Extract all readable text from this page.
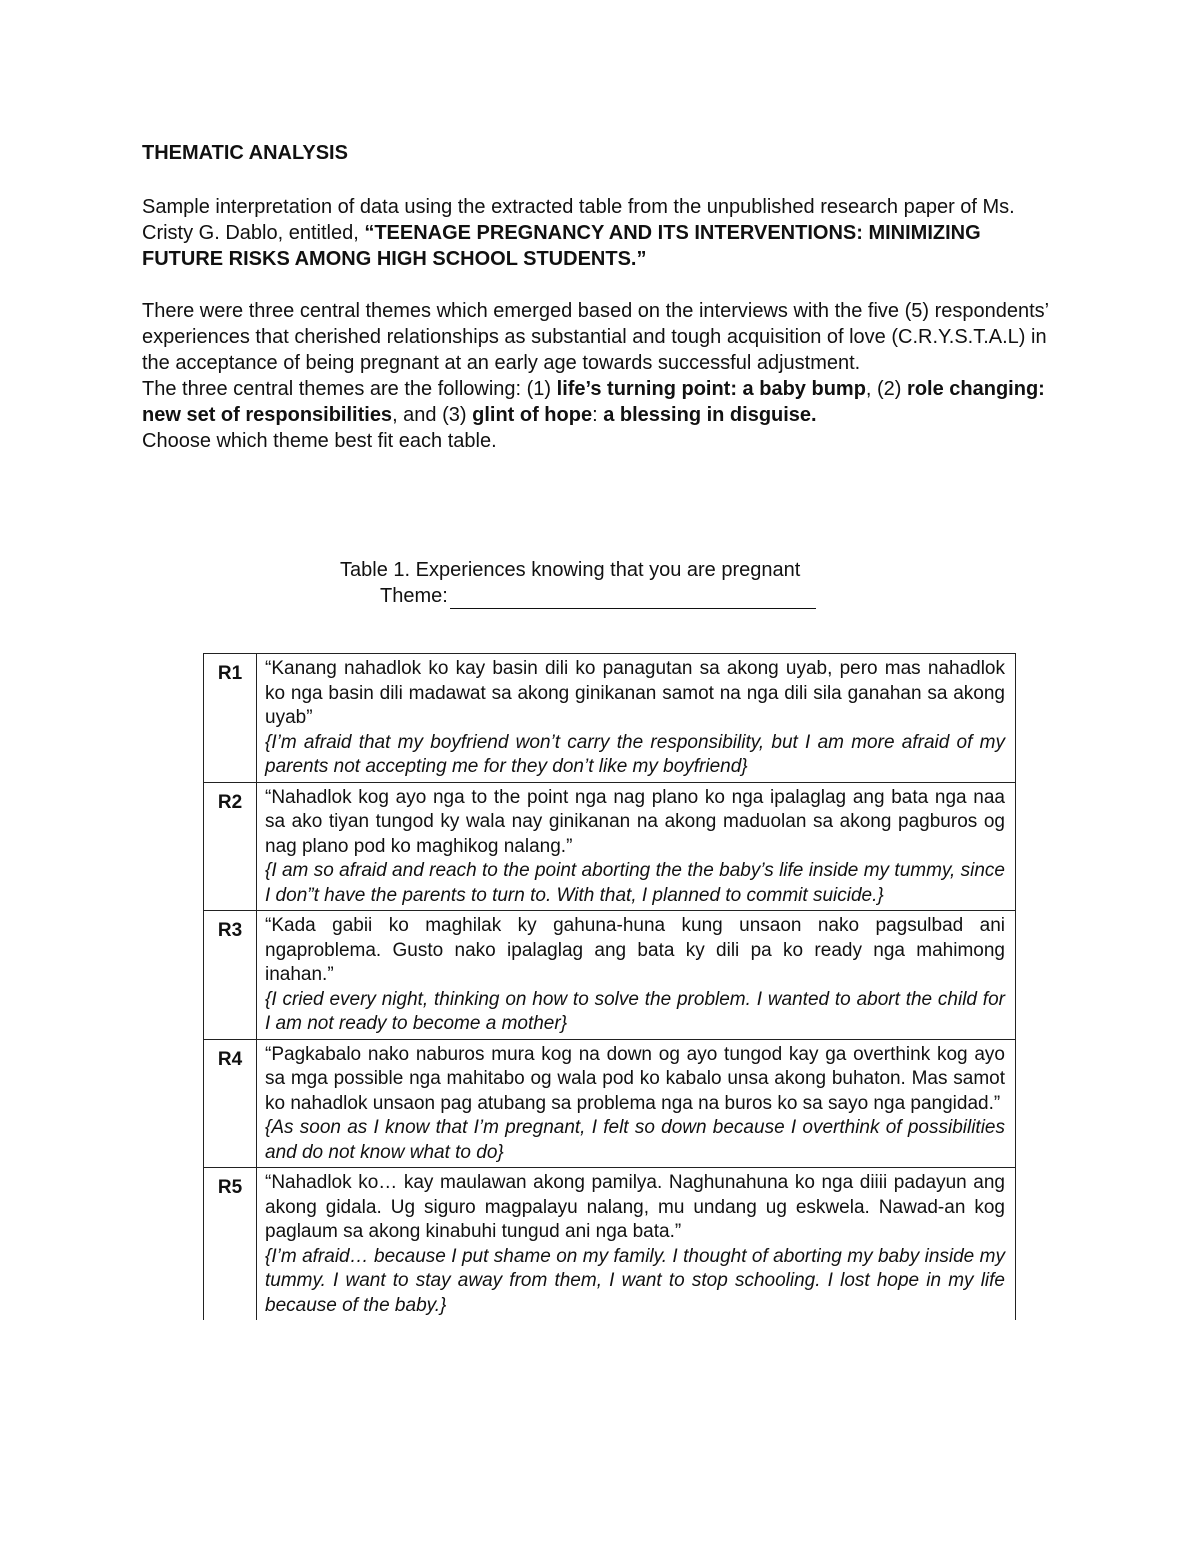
THEMATIC ANALYSIS

Sample interpretation of data using the extracted table from the unpublished research paper of Ms. Cristy G. Dablo, entitled, “TEENAGE PREGNANCY AND ITS INTERVENTIONS: MINIMIZING FUTURE RISKS AMONG HIGH SCHOOL STUDENTS.”

There were three central themes which emerged based on the interviews with the five (5) respondents’ experiences that cherished relationships as substantial and tough acquisition of love (C.R.Y.S.T.A.L) in the acceptance of being pregnant at an early age towards successful adjustment.

The three central themes are the following: (1) life’s turning point: a baby bump, (2) role changing: new set of responsibilities, and (3) glint of hope: a blessing in disguise.

Choose which theme best fit each table.

Table 1. Experiences knowing that you are pregnant
Theme:
R1	“Kanang nahadlok ko kay basin dili ko panagutan sa akong uyab, pero mas nahadlok ko nga basin dili madawat sa akong ginikanan samot na nga dili sila ganahan sa akong uyab”
{I’m afraid that my boyfriend won’t carry the responsibility, but I am more afraid of my parents not accepting me for they don’t like my boyfriend}

R2	“Nahadlok kog ayo nga to the point nga nag plano ko nga ipalaglag ang bata nga naa sa ako tiyan tungod ky wala nay ginikanan na akong maduolan sa akong pagburos og nag plano pod ko maghikog nalang.”
{I am so afraid and reach to the point aborting the the baby’s life inside my tummy, since I don”t have the parents to turn to. With that, I planned to commit suicide.}

R3	“Kada gabii ko maghilak ky gahuna-huna kung unsaon nako pagsulbad ani ngaproblema. Gusto nako ipalaglag ang bata ky dili pa ko ready nga mahimong inahan.”
{I cried every night, thinking on how to solve the problem. I wanted to abort the child for I am not ready to become a mother}

R4	“Pagkabalo nako naburos mura kog na down og ayo tungod kay ga overthink kog ayo sa mga possible nga mahitabo og wala pod ko kabalo unsa akong buhaton. Mas samot ko nahadlok unsaon pag atubang sa problema nga na buros ko sa sayo nga pangidad.”
{As soon as I know that I’m pregnant, I felt so down because I overthink of possibilities and do not know what to do}

R5	“Nahadlok ko… kay maulawan akong pamilya. Naghunahuna ko nga diiii padayun ang akong gidala. Ug siguro magpalayu nalang, mu undang ug eskwela. Nawad-an kog paglaum sa akong kinabuhi tungud ani nga bata.”
{I’m afraid… because I put shame on my family. I thought of aborting my baby inside my tummy. I want to stay away from them, I want to stop schooling. I lost hope in my life because of the baby.}
